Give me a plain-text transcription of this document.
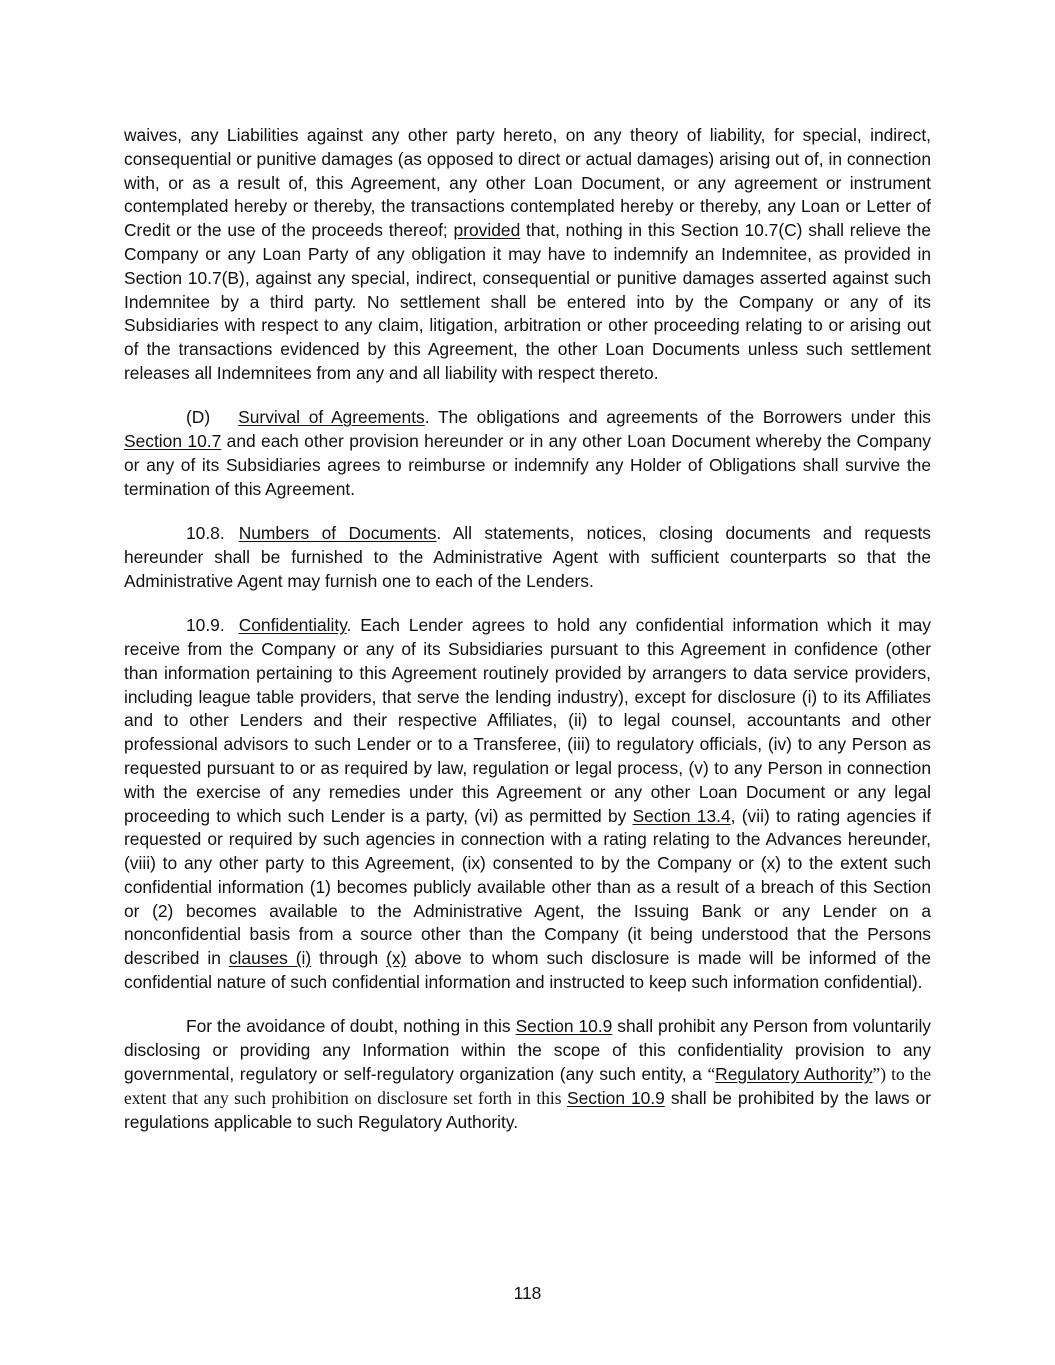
waives, any Liabilities against any other party hereto, on any theory of liability, for special, indirect, consequential or punitive damages (as opposed to direct or actual damages) arising out of, in connection with, or as a result of, this Agreement, any other Loan Document, or any agreement or instrument contemplated hereby or thereby, the transactions contemplated hereby or thereby, any Loan or Letter of Credit or the use of the proceeds thereof; provided that, nothing in this Section 10.7(C) shall relieve the Company or any Loan Party of any obligation it may have to indemnify an Indemnitee, as provided in Section 10.7(B), against any special, indirect, consequential or punitive damages asserted against such Indemnitee by a third party. No settlement shall be entered into by the Company or any of its Subsidiaries with respect to any claim, litigation, arbitration or other proceeding relating to or arising out of the transactions evidenced by this Agreement, the other Loan Documents unless such settlement releases all Indemnitees from any and all liability with respect thereto.

(D) Survival of Agreements. The obligations and agreements of the Borrowers under this Section 10.7 and each other provision hereunder or in any other Loan Document whereby the Company or any of its Subsidiaries agrees to reimburse or indemnify any Holder of Obligations shall survive the termination of this Agreement.

10.8. Numbers of Documents. All statements, notices, closing documents and requests hereunder shall be furnished to the Administrative Agent with sufficient counterparts so that the Administrative Agent may furnish one to each of the Lenders.

10.9. Confidentiality. Each Lender agrees to hold any confidential information which it may receive from the Company or any of its Subsidiaries pursuant to this Agreement in confidence (other than information pertaining to this Agreement routinely provided by arrangers to data service providers, including league table providers, that serve the lending industry), except for disclosure (i) to its Affiliates and to other Lenders and their respective Affiliates, (ii) to legal counsel, accountants and other professional advisors to such Lender or to a Transferee, (iii) to regulatory officials, (iv) to any Person as requested pursuant to or as required by law, regulation or legal process, (v) to any Person in connection with the exercise of any remedies under this Agreement or any other Loan Document or any legal proceeding to which such Lender is a party, (vi) as permitted by Section 13.4, (vii) to rating agencies if requested or required by such agencies in connection with a rating relating to the Advances hereunder, (viii) to any other party to this Agreement, (ix) consented to by the Company or (x) to the extent such confidential information (1) becomes publicly available other than as a result of a breach of this Section or (2) becomes available to the Administrative Agent, the Issuing Bank or any Lender on a nonconfidential basis from a source other than the Company (it being understood that the Persons described in clauses (i) through (x) above to whom such disclosure is made will be informed of the confidential nature of such confidential information and instructed to keep such information confidential).

For the avoidance of doubt, nothing in this Section 10.9 shall prohibit any Person from voluntarily disclosing or providing any Information within the scope of this confidentiality provision to any governmental, regulatory or self-regulatory organization (any such entity, a “Regulatory Authority”) to the extent that any such prohibition on disclosure set forth in this Section 10.9 shall be prohibited by the laws or regulations applicable to such Regulatory Authority.

118
